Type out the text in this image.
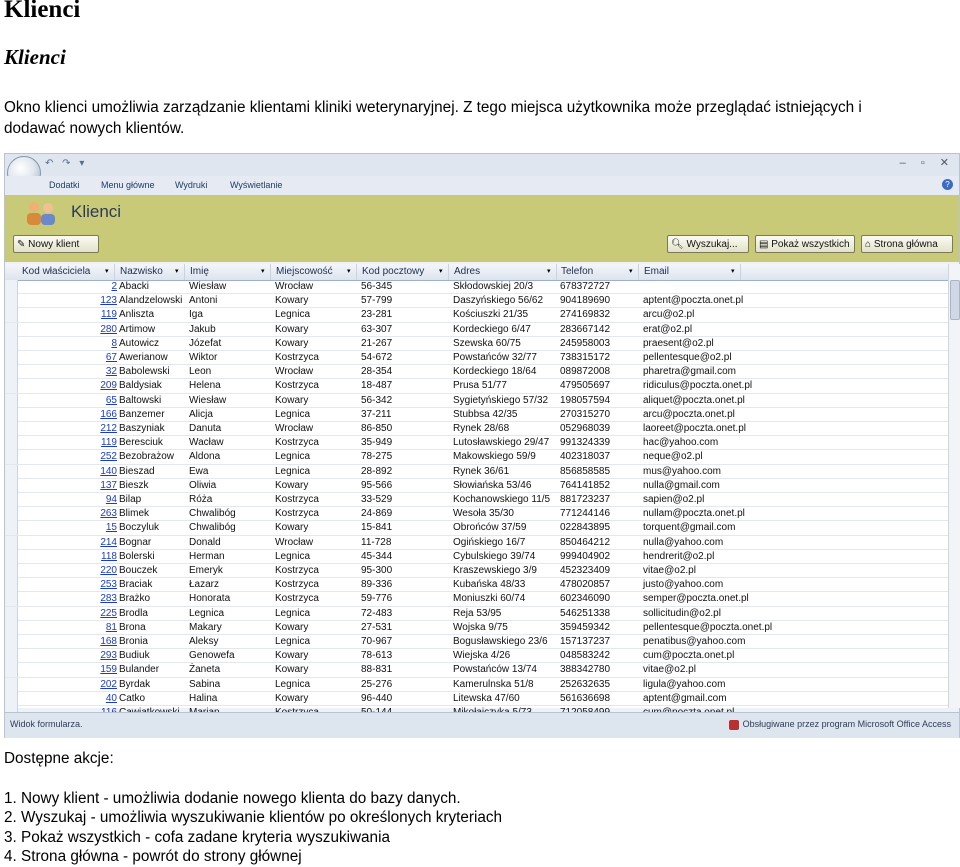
Klienci
Klienci

Okno klienci umożliwia zarządzanie klientami kliniki weterynaryjnej. Z tego miejsca użytkownika może przeglądać istniejących i dodawać nowych klientów.

↶ ↷ ▾	– ▫ ✕
Dodatki Menu główne Wydruki	Wyświetlanie	?
Klienci
✎ Nowy klient	🔍︎ Wyszukaj...	▤ Pokaż wszystkich	⌂ Strona główna
Kod właściciela	▾	Nazwisko	▾	Imię	▾	Miejscowość	▾	Kod pocztowy	▾	Adres	▾	Telefon	▾	Email	▾
2 Abacki	Wiesław	Wrocław	56-345	Skłodowskiej 20/3	678372727
123 Alandzelowski Antoni	Kowary	57-799	Daszyńskiego 56/62	904189690	aptent@poczta.onet.pl
119 Anliszta	Iga	Legnica	23-281	Kościuszki 21/35	274169832	arcu@o2.pl
280 Artimow	Jakub	Kowary	63-307	Kordeckiego 6/47	283667142	erat@o2.pl
8 Autowicz	Józefat	Kowary	21-267	Szewska 60/75	245958003	praesent@o2.pl
67 Awerianow	Wiktor	Kostrzyca	54-672	Powstańców 32/77	738315172	pellentesque@o2.pl
32 Babolewski	Leon	Wrocław	28-354	Kordeckiego 18/64	089872008	pharetra@gmail.com
209 Baldysiak	Helena	Kostrzyca	18-487	Prusa 51/77	479505697	ridiculus@poczta.onet.pl
65 Baltowski	Wiesław	Kowary	56-342	Sygietyńskiego 57/32	198057594	aliquet@poczta.onet.pl
166 Banzemer	Alicja	Legnica	37-211	Stubbsa 42/35	270315270	arcu@poczta.onet.pl
212 Baszyniak	Danuta	Wrocław	86-850	Rynek 28/68	052968039	laoreet@poczta.onet.pl
119 Beresciuk	Wacław	Kostrzyca	35-949	Lutosławskiego 29/47	991324339	hac@yahoo.com
252 Bezobrażow	Aldona	Legnica	78-275	Makowskiego 59/9	402318037	neque@o2.pl
140 Bieszad	Ewa	Legnica	28-892	Rynek 36/61	856858585	mus@yahoo.com
137 Bieszk	Oliwia	Kowary	95-566	Słowiańska 53/46	764141852	nulla@gmail.com
94 Bilap	Róża	Kostrzyca	33-529	Kochanowskiego 11/5 881723237	sapien@o2.pl
263 Blimek	Chwalibóg	Kostrzyca	24-869	Wesoła 35/30	771244146	nullam@poczta.onet.pl
15 Boczyluk	Chwalibóg	Kowary	15-841	Obrońców 37/59	022843895	torquent@gmail.com
214 Bognar	Donald	Wrocław	11-728	Ogińskiego 16/7	850464212	nulla@yahoo.com
118 Bolerski	Herman	Legnica	45-344	Cybulskiego 39/74	999404902	hendrerit@o2.pl
220 Bouczek	Emeryk	Kostrzyca	95-300	Kraszewskiego 3/9	452323409	vitae@o2.pl
253 Braciak	Łazarz	Kostrzyca	89-336	Kubańska 48/33	478020857	justo@yahoo.com
283 Brażko	Honorata	Kostrzyca	59-776	Moniuszki 60/74	602346090	semper@poczta.onet.pl
225 Brodla	Legnica	Legnica	72-483	Reja 53/95	546251338	sollicitudin@o2.pl
81 Brona	Makary	Kowary	27-531	Wojska 9/75	359459342	pellentesque@poczta.onet.pl
168 Bronia	Aleksy	Legnica	70-967	Bogusławskiego 23/6	157137237	penatibus@yahoo.com
293 Budiuk	Genowefa	Kowary	78-613	Wiejska 4/26	048583242	cum@poczta.onet.pl
159 Bulander	Żaneta	Kowary	88-831	Powstańców 13/74	388342780	vitae@o2.pl
202 Byrdak	Sabina	Legnica	25-276	Kamerulnska 51/8	252632635	ligula@yahoo.com
40 Catko	Halina	Kowary	96-440	Litewska 47/60	561636698	aptent@gmail.com
Widok formularza.	Obsługiwane przez program Microsoft Office Access
Dostępne akcje:
1. Nowy klient - umożliwia dodanie nowego klienta do bazy danych.
2. Wyszukaj - umożliwia wyszukiwanie klientów po określonych kryteriach
3. Pokaż wszystkich - cofa zadane kryteria wyszukiwania
4. Strona główna - powrót do strony głównej
